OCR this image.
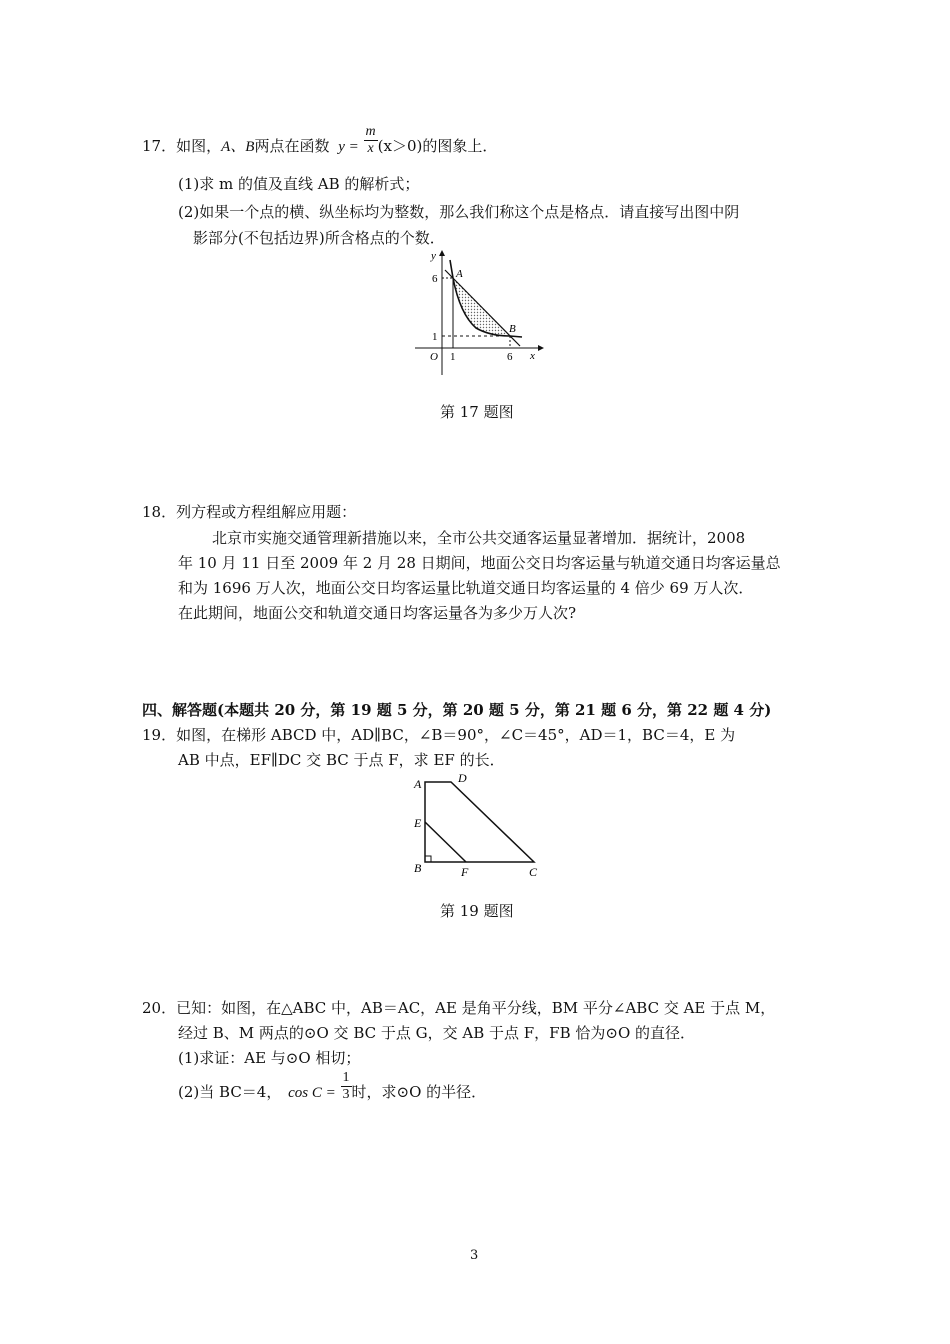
17．如图，A、B两点在函数 $y = \frac{m}{x} (x>0)$的图象上．
(1)求 m 的值及直线 AB 的解析式；
(2)如果一个点的横、纵坐标均为整数，那么我们称这个点是格点．请直接写出图中阴
影部分(不包括边界)所含格点的个数．
y
A
6
1
B
O 1	6 x
第 17 题图
18．列方程或方程组解应用题：
北京市实施交通管理新措施以来，全市公共交通客运量显著增加．据统计，2008
年 10 月 11 日至 2009 年 2 月 28 日期间，地面公交日均客运量与轨道交通日均客运量总
和为 1696 万人次，地面公交日均客运量比轨道交通日均客运量的 4 倍少 69 万人次．
在此期间，地面公交和轨道交通日均客运量各为多少万人次?
四、解答题(本题共 20 分，第 19 题 5 分，第 20 题 5 分，第 21 题 6 分，第 22 题 4 分)
19．如图，在梯形 ABCD 中，AD∥BC，∠B＝90°，∠C＝45°，AD＝1，BC＝4，E 为
AB 中点，EF∥DC 交 BC 于点 F，求 EF 的长．
A	D
E
B	F	C
第 19 题图
20．已知：如图，在△ABC 中，AB＝AC，AE 是角平分线，BM 平分∠ABC 交 AE 于点 M，
经过 B、M 两点的⊙O 交 BC 于点 G，交 AB 于点 F，FB 恰为⊙O 的直径．
(1)求证：AE 与⊙O 相切；
(2)当 BC＝4， $\cos C = \frac{1}{3}$ 时，求⊙O 的半径．
3
